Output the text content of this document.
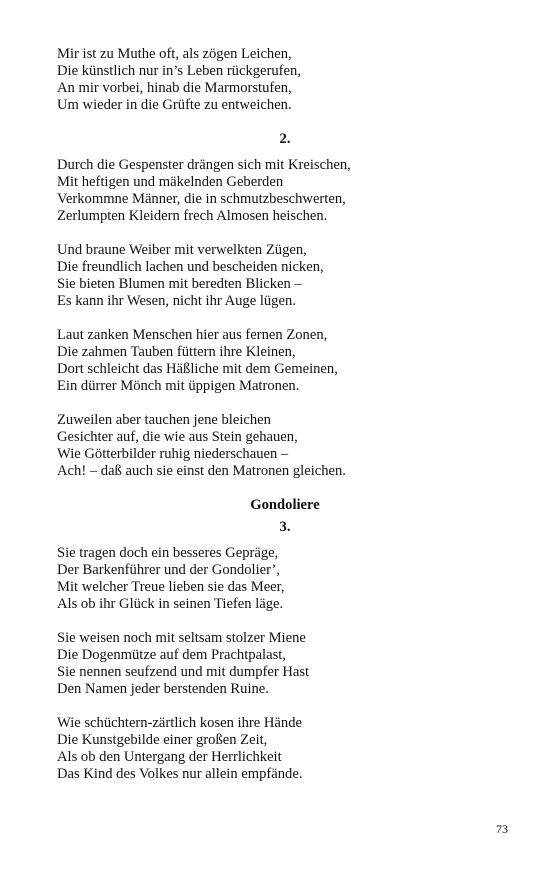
Mir ist zu Muthe oft, als zögen Leichen,
Die künstlich nur in’s Leben rückgerufen,
An mir vorbei, hinab die Marmorstufen,
Um wieder in die Grüfte zu entweichen.
2.
Durch die Gespenster drängen sich mit Kreischen,
Mit heftigen und mäkelnden Geberden
Verkommne Männer, die in schmutzbeschwerten,
Zerlumpten Kleidern frech Almosen heischen.
Und braune Weiber mit verwelkten Zügen,
Die freundlich lachen und bescheiden nicken,
Sie bieten Blumen mit beredten Blicken –
Es kann ihr Wesen, nicht ihr Auge lügen.
Laut zanken Menschen hier aus fernen Zonen,
Die zahmen Tauben füttern ihre Kleinen,
Dort schleicht das Häßliche mit dem Gemeinen,
Ein dürrer Mönch mit üppigen Matronen.
Zuweilen aber tauchen jene bleichen
Gesichter auf, die wie aus Stein gehauen,
Wie Götterbilder ruhig niederschauen –
Ach! – daß auch sie einst den Matronen gleichen.
Gondoliere
3.
Sie tragen doch ein besseres Gepräge,
Der Barkenführer und der Gondolier’,
Mit welcher Treue lieben sie das Meer,
Als ob ihr Glück in seinen Tiefen läge.
Sie weisen noch mit seltsam stolzer Miene
Die Dogenmütze auf dem Prachtpalast,
Sie nennen seufzend und mit dumpfer Hast
Den Namen jeder berstenden Ruine.
Wie schüchtern-zärtlich kosen ihre Hände
Die Kunstgebilde einer großen Zeit,
Als ob den Untergang der Herrlichkeit
Das Kind des Volkes nur allein empfände.
73
